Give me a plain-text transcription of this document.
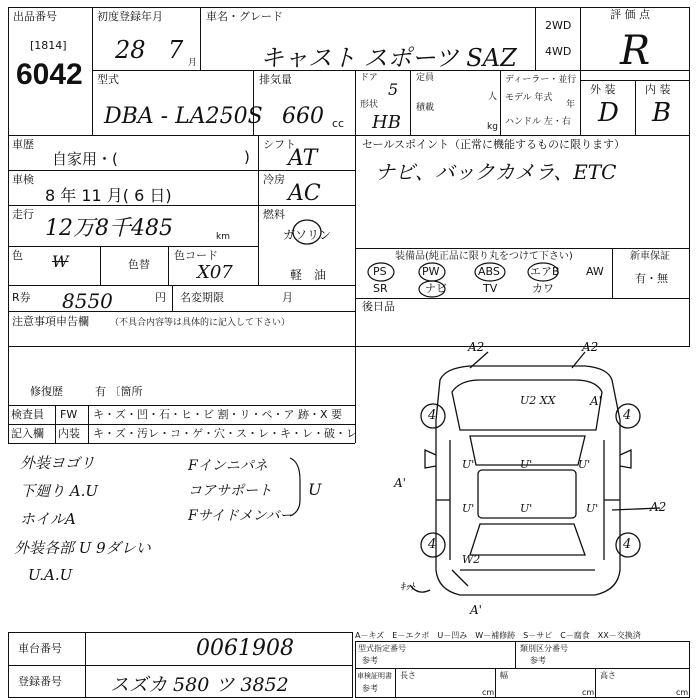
出品番号
[1814]
6042
初度登録年月
28 7 月
車名・グレード
キャスト スポーツ SAZ
2WD
4WD
評 価 点
R
型式
DBA - LA250S
排気量
660 cc
ドア
5
形状
HB
定員
人
積載
kg
ディーラー・並行
モデル 年式
年
ハンドル 左・右
外 装	内 装
D B
車歴
自家用・(	)
シフト
AT
セールスポイント（正常に機能するものに限ります）
ナビ、バックカメラ、ETC
車検
8 年 11 月( 6 日)
冷房
AC
走行
12万8千485	km
燃料
ガソリン
軽　油
色 W	色替
色コード
X07
R券 8550	円 名変期限	月
注意事項申告欄 （不具合内容等は具体的に記入して下さい）
修復歴	有 〔箇所
装備品(純正品に限り丸をつけて下さい)	新車保証
PS	PW	ABS	エアB AW
SR	ナビ	TV	カワ
有・無
後日品
検査員
記入欄
FW キ・ズ・凹・石・ヒ・ビ 割・リ・ペ・ア 跡・X 要
内装 キ・ズ・汚レ・コ・ゲ・穴・ス・レ・キ・レ・破・レ
外装ヨゴリ
下廻り A.U
ホイルA
外装各部 U 9ダレい
U.A.U
Fインニパネ
コアサポート
Fサイドメンバー
U
A2	A2
U2 XX	A'
4	4
U'	U'	U'
U'	U'	U'
A'
A2
4	4
W2
A'
ｷｯﾄ
A－キズ　E－エクボ　U－凹み　W－補修跡　S－サビ　C－腐食　XX－交換済
車台番号	0061908
登録番号	スズカ 580 ツ 3852
型式指定番号
参考
類別区分番号
参考
車検証明書
参考
長さ
cm
幅
cm
高さ
cm
